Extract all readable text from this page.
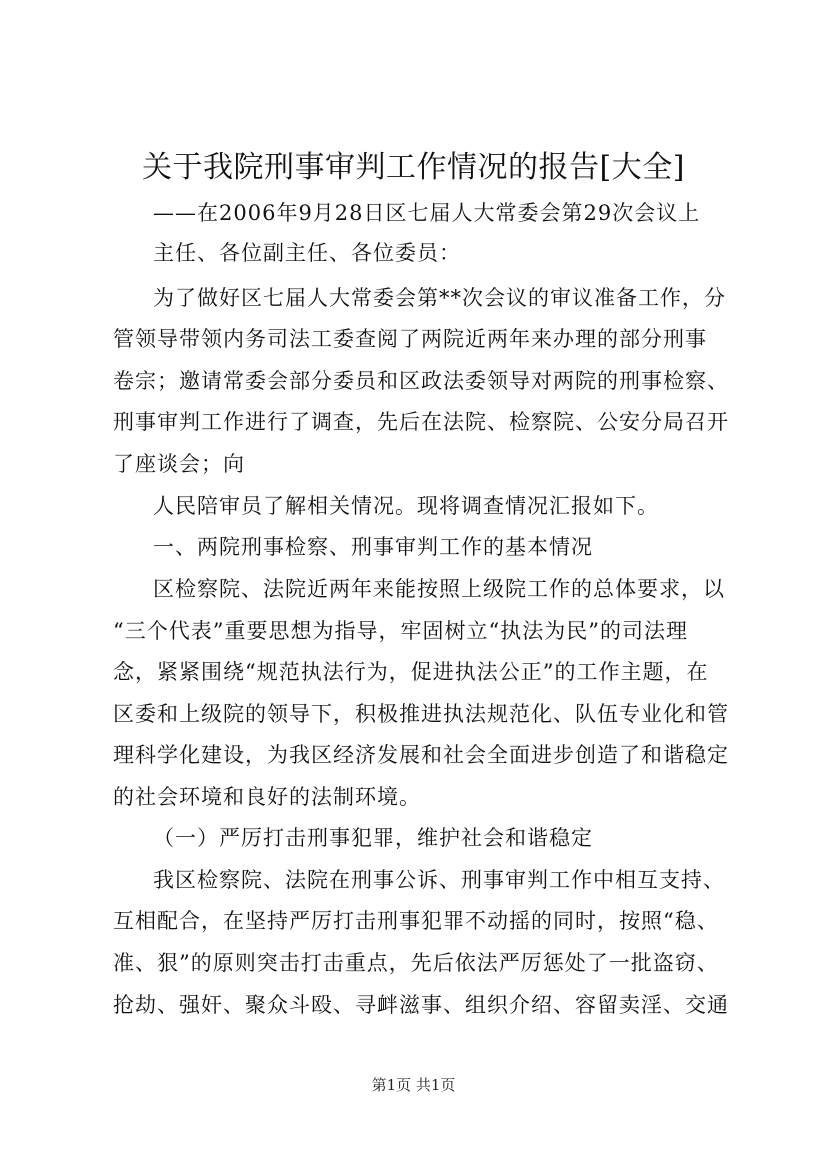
关于我院刑事审判工作情况的报告[大全]
——在2006年9月28日区七届人大常委会第29次会议上
主任、各位副主任、各位委员：
为了做好区七届人大常委会第**次会议的审议准备工作，分
管领导带领内务司法工委查阅了两院近两年来办理的部分刑事
卷宗；邀请常委会部分委员和区政法委领导对两院的刑事检察、
刑事审判工作进行了调查，先后在法院、检察院、公安分局召开
了座谈会；向
人民陪审员了解相关情况。现将调查情况汇报如下。
一、两院刑事检察、刑事审判工作的基本情况
区检察院、法院近两年来能按照上级院工作的总体要求，以
“三个代表”重要思想为指导，牢固树立“执法为民”的司法理
念，紧紧围绕“规范执法行为，促进执法公正”的工作主题，在
区委和上级院的领导下，积极推进执法规范化、队伍专业化和管
理科学化建设，为我区经济发展和社会全面进步创造了和谐稳定
的社会环境和良好的法制环境。
（一）严厉打击刑事犯罪，维护社会和谐稳定
我区检察院、法院在刑事公诉、刑事审判工作中相互支持、
互相配合，在坚持严厉打击刑事犯罪不动摇的同时，按照“稳、
准、狠”的原则突击打击重点，先后依法严厉惩处了一批盗窃、
抢劫、强奸、聚众斗殴、寻衅滋事、组织介绍、容留卖淫、交通
第1页 共1页
